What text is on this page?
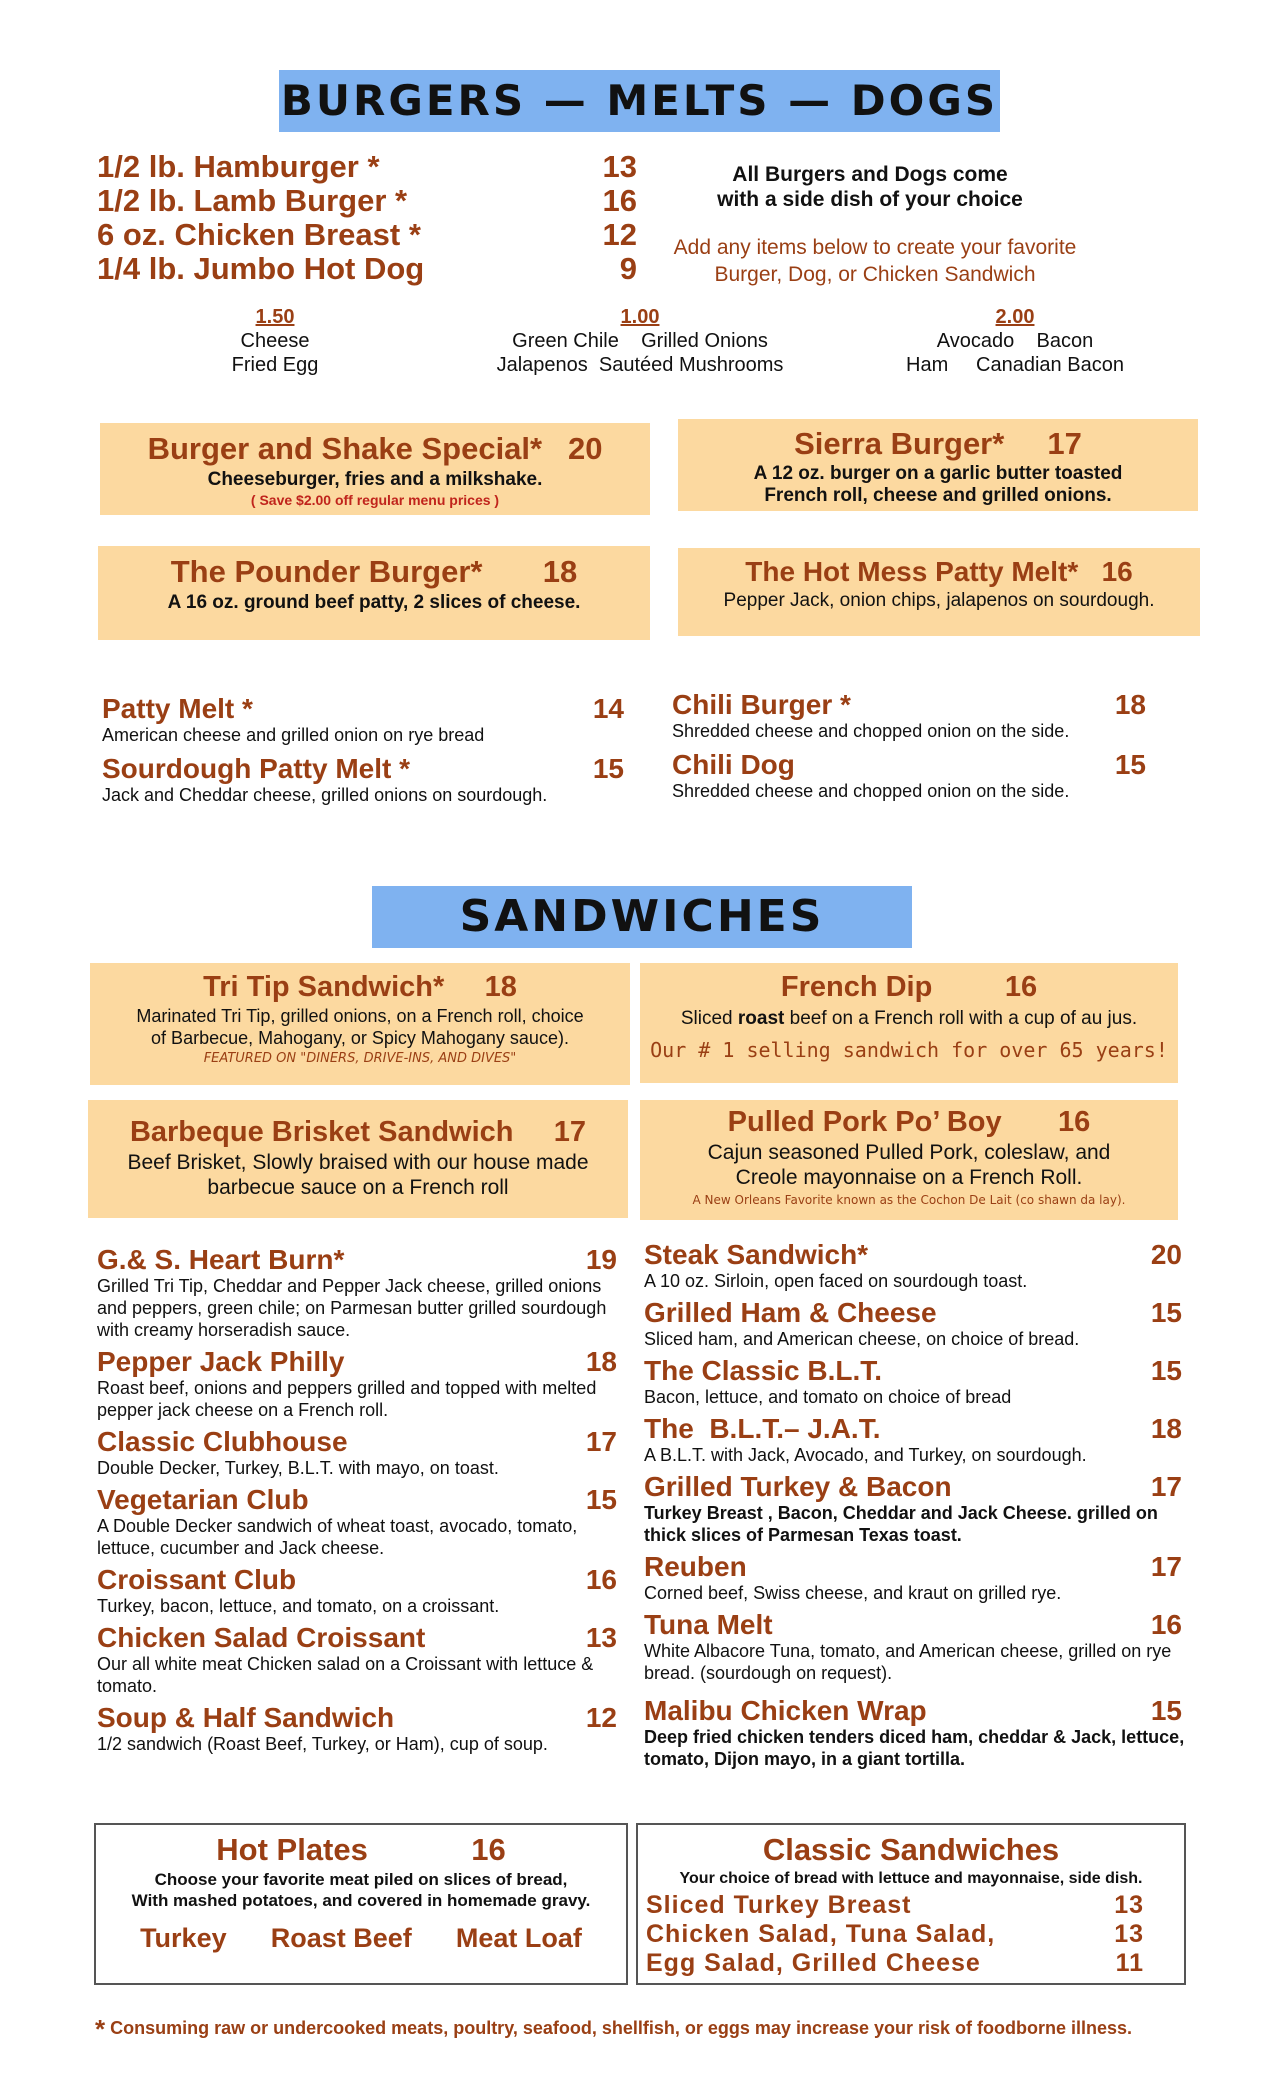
BURGERS — MELTS — DOGS
1/2 lb. Hamburger *	13
1/2 lb. Lamb Burger *	16
6 oz. Chicken Breast *	12
1/4 lb. Jumbo Hot Dog	9
All Burgers and Dogs come
with a side dish of your choice
Add any items below to create your favorite
Burger, Dog, or Chicken Sandwich
1.50
Cheese
Fried Egg
1.00
Green Chile    Grilled Onions
Jalapenos  Sautéed Mushrooms
2.00
Avocado    Bacon
Ham     Canadian Bacon
Burger and Shake Special* 20
Cheeseburger, fries and a milkshake.
( Save $2.00 off regular menu prices )
Sierra Burger* 17
A 12 oz. burger on a garlic butter toasted
French roll, cheese and grilled onions.
The Pounder Burger* 18
A 16 oz. ground beef patty, 2 slices of cheese.
The Hot Mess Patty Melt* 16
Pepper Jack, onion chips, jalapenos on sourdough.
Patty Melt *	14
American cheese and grilled onion on rye bread
Sourdough Patty Melt *	15
Jack and Cheddar cheese, grilled onions on sourdough.
Chili Burger *	18
Shredded cheese and chopped onion on the side.
Chili Dog	15
Shredded cheese and chopped onion on the side.
SANDWICHES
Tri Tip Sandwich* 18
Marinated Tri Tip, grilled onions, on a French roll, choice
of Barbecue, Mahogany, or Spicy Mahogany sauce).
FEATURED ON "DINERS, DRIVE-INS, AND DIVES"
French Dip	16
Sliced roast beef on a French roll with a cup of au jus.
Our # 1 selling sandwich for over 65 years!
Barbeque Brisket Sandwich 17
Beef Brisket, Slowly braised with our house made
barbecue sauce on a French roll
Pulled Pork Po’ Boy 16
Cajun seasoned Pulled Pork, coleslaw, and
Creole mayonnaise on a French Roll.
A New Orleans Favorite known as the Cochon De Lait (co shawn da lay).
G.& S. Heart Burn*	19
Grilled Tri Tip, Cheddar and Pepper Jack cheese, grilled onions and peppers, green chile; on Parmesan butter grilled sourdough with creamy horseradish sauce.
Pepper Jack Philly	18
Roast beef, onions and peppers grilled and topped with melted pepper jack cheese on a French roll.
Classic Clubhouse	17
Double Decker, Turkey, B.L.T. with mayo, on toast.
Vegetarian Club	15
A Double Decker sandwich of wheat toast, avocado, tomato, lettuce, cucumber and Jack cheese.
Croissant Club	16
Turkey, bacon, lettuce, and tomato, on a croissant.
Chicken Salad Croissant	13
Our all white meat Chicken salad on a Croissant with lettuce & tomato.
Soup & Half Sandwich	12
1/2 sandwich (Roast Beef, Turkey, or Ham), cup of soup.
Steak Sandwich*	20
A 10 oz. Sirloin, open faced on sourdough toast.
Grilled Ham & Cheese	15
Sliced ham, and American cheese, on choice of bread.
The Classic B.L.T.	15
Bacon, lettuce, and tomato on choice of bread
The  B.L.T.– J.A.T.	18
A B.L.T. with Jack, Avocado, and Turkey, on sourdough.
Grilled Turkey & Bacon	17
Turkey Breast , Bacon, Cheddar and Jack Cheese. grilled on thick slices of Parmesan Texas toast.
Reuben	17
Corned beef, Swiss cheese, and kraut on grilled rye.
Tuna Melt	16
White Albacore Tuna, tomato, and American cheese, grilled on rye bread. (sourdough on request).
Malibu Chicken Wrap	15
Deep fried chicken tenders diced ham, cheddar & Jack, lettuce, tomato, Dijon mayo, in a giant tortilla.
Hot Plates	16
Choose your favorite meat piled on slices of bread,
With mashed potatoes, and covered in homemade gravy.
Turkey Roast Beef Meat Loaf
Classic Sandwiches
Your choice of bread with lettuce and mayonnaise, side dish.
Sliced Turkey Breast	13
Chicken Salad, Tuna Salad,	13
Egg Salad, Grilled Cheese	11
* Consuming raw or undercooked meats, poultry, seafood, shellfish, or eggs may increase your risk of foodborne illness.
